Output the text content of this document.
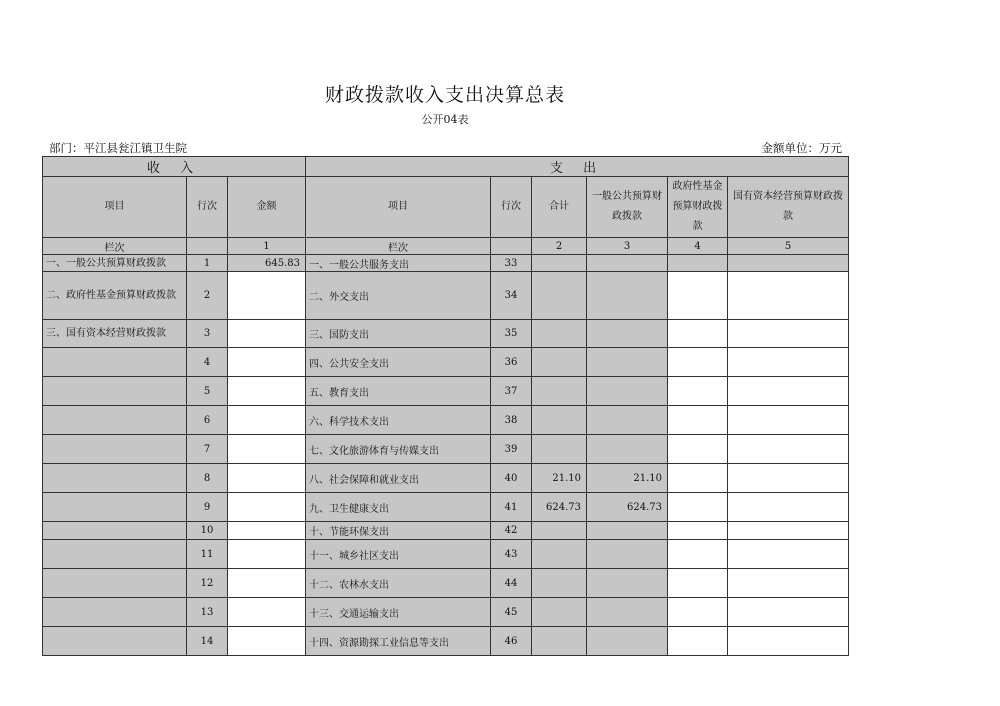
财政拨款收入支出决算总表
公开04表
部门：平江县瓮江镇卫生院	金额单位：万元
收 入			支 出					
项目	行次	金额	项目	行次	合计	一般公共预算财政拨款	政府性基金预算财政拨款	国有资本经营预算财政拨款
栏次		1	栏次		2	3	4	5
一、一般公共预算财政拨款	1	645.83	一、一般公共服务支出	33				
二、政府性基金预算财政拨款	2		二、外交支出	34				
三、国有资本经营财政拨款	3		三、国防支出	35				
	4		四、公共安全支出	36				
	5		五、教育支出	37				
	6		六、科学技术支出	38				
	7		七、文化旅游体育与传媒支出	39				
	8		八、社会保障和就业支出	40	21.10	21.10		
	9		九、卫生健康支出	41	624.73	624.73		
	10		十、节能环保支出	42				
	11		十一、城乡社区支出	43				
	12		十二、农林水支出	44				
	13		十三、交通运输支出	45				
	14		十四、资源勘探工业信息等支出	46				
